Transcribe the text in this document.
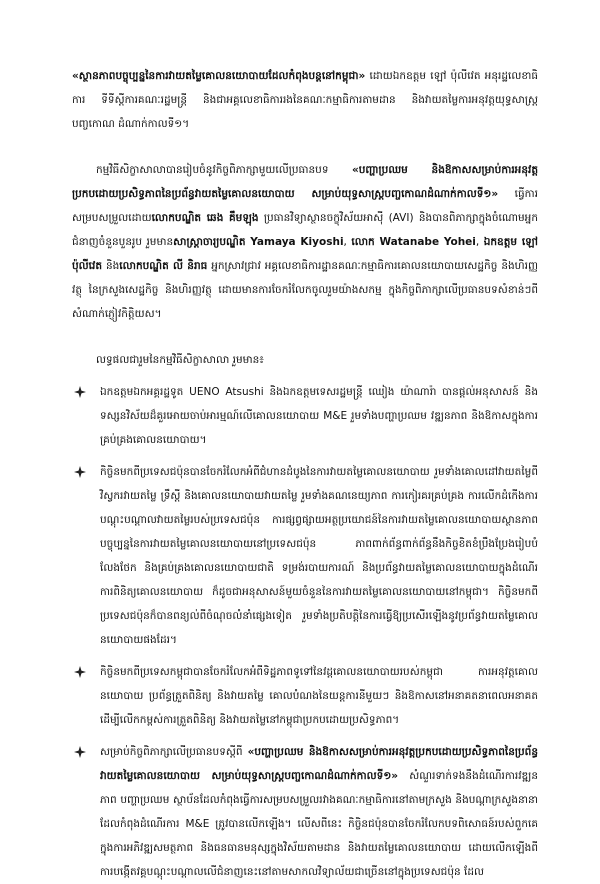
«ស្ថានភាពបច្ចុប្បន្ននៃការវាយតម្លៃគោលនយោបាយដែលកំពុងបន្តនៅកម្ពុជា» ដោយឯកឧត្តម ឡៅ ប៉ុលីវេត អនុរដ្ឋលេខាធិការ ទីទីស្តីការគណៈរដ្ឋមន្ត្រី និងជាអគ្គលេខាធិការរងនៃគណៈកម្មាធិការតាមដាន និងវាយតម្លៃការអនុវត្តយុទ្ធសាស្ត្របញ្ចកោណ ដំណាក់កាលទី១។

កម្មវិធីសិក្ខាសាលាបានរៀបចំនូវកិច្ចពិភាក្សាមួយលើប្រធានបទ «បញ្ហាប្រឈម និងឱកាសសម្រាប់ការអនុវត្តប្រកបដោយប្រសិទ្ធភាពនៃប្រព័ន្ធវាយតម្លៃគោលនយោបាយ សម្រាប់យុទ្ធសាស្ត្របញ្ចកោណដំណាក់កាលទី១» ធ្វើការសម្របសម្រួលដោយលោកបណ្ឌិត ឆេង គឹមឡុង ប្រធានវិទ្យាស្ថានចក្ខុវិស័យអាស៊ី (AVI) និងបានពិភាក្សាក្នុងចំណោមអ្នកជំនាញចំនួនបួនរូប រួមមានសាស្ត្រាចារ្យបណ្ឌិត Yamaya Kiyoshi, លោក Watanabe Yohei, ឯកឧត្តម ឡៅ ប៉ុលីវេត និងលោកបណ្ឌិត លី និរាធ អ្នកស្រាវជ្រាវ អគ្គលេខាធិការដ្ឋានគណៈកម្មាធិការគោលនយោបាយសេដ្ឋកិច្ច និងហិរញ្ញវត្ថុ នៃក្រសួងសេដ្ឋកិច្ច និងហិរញ្ញវត្ថុ ដោយមានការចែករំលែកចូលរួមយ៉ាងសកម្ម ក្នុងកិច្ចពិភាក្សាលើប្រធានបទសំខាន់ៗពីសំណាក់ភ្ញៀវកិត្តិយស។

លទ្ធផលជារួមនៃកម្មវិធីសិក្ខាសាលា រួមមាន៖

ឯកឧត្តមឯកអគ្គរដ្ឋទូត UENO Atsushi និងឯកឧត្តមទេសរដ្ឋមន្ត្រី ឈៀង យ៉ាណារ៉ា បានផ្តល់អនុសាសន៍ និងទស្សនវិស័យដ៏គួរអោយចាប់អារម្មណ៍លើគោលនយោបាយ M&E រួមទាំងបញ្ហាប្រឈម វឌ្ឍនភាព និងឱកាសក្នុងការគ្រប់គ្រងគោលនយោបាយ។
កិច្ចិនមកពីប្រទេសជប៉ុនបានចែករំលែកអំពីជំហានដំបូងនៃការវាយតម្លៃគោលនយោបាយ រួមទាំងគោលដៅវាយតម្លៃពីវិស្វករវាយតម្លៃ ទ្រឹស្តី និងគោលនយោបាយវាយតម្លៃ រួមទាំងគណនេយ្យភាព ការកៀរគរគ្រប់គ្រង ការលើកដំកើងការបណ្តុះបណ្តាលវាយតម្លៃរបស់ប្រទេសជប៉ុន ការផ្សព្វផ្សាយអត្ថប្រយោជន៍នៃការវាយតម្លៃគោលនយោបាយស្ថានភាពបច្ចុប្បន្ននៃការវាយតម្លៃគោលនយោបាយនៅប្រទេសជប៉ុន ភាពពាក់ព័ន្ធពាក់ព័ន្ធនឹងកិច្ចខិតខំប្រឹងប្រែងរៀបបំលែងថែក និងគ្រប់គ្រងគោលនយោបាយជាតិ ទម្រង់របាយការណ៍ និងប្រព័ន្ធវាយតម្លៃគោលនយោបាយក្នុងដំណើរការពិនិត្យគោលនយោបាយ ក៏ដូចជាអនុសាសន៍មួយចំនួននៃការវាយតម្លៃគោលនយោបាយនៅកម្ពុជា។ កិច្ចិនមកពីប្រទេសជប៉ុនក៏បានពន្យល់ពីចំណុចលំនាំផ្សេងទៀត រួមទាំងប្រតិបត្តិនៃការធ្វើឱ្យប្រសើរឡើងនូវប្រព័ន្ធវាយតម្លៃគោលនយោបាយផងដែរ។
កិច្ចិនមកពីប្រទេសកម្ពុជាបានចែករំលែកអំពីទិដ្ឋភាពទូទៅនៃវដ្តគោលនយោបាយរបស់កម្ពុជា ការអនុវត្តគោលនយោបាយ ប្រព័ន្ធត្រួតពិនិត្យ និងវាយតម្លៃ គោលបំណងនៃយន្តការនីមួយៗ និងឱកាសនៅអនាគតនាពេលអនាគតដើម្បីលើកកម្ពស់ការត្រួតពិនិត្យ និងវាយតម្លៃនៅកម្ពុជាប្រកបដោយប្រសិទ្ធភាព។
សម្រាប់កិច្ចពិភាក្សាលើប្រធានបទស្តីពី «បញ្ហាប្រឈម និងឱកាសសម្រាប់ការអនុវត្តប្រកបដោយប្រសិទ្ធភាពនៃប្រព័ន្ធវាយតម្លៃគោលនយោបាយ សម្រាប់យុទ្ធសាស្ត្របញ្ចកោណដំណាក់កាលទី១» សំណួរទាក់ទងនឹងដំណើរការវឌ្ឍនភាព បញ្ហាប្រឈម ស្ថាប័នដែលកំពុងធ្វើការសម្របសម្រួលរវាងគណៈកម្មាធិការនៅតាមក្រសួង និងបណ្តាក្រសួងនានាដែលកំពុងដំណើរការ M&E ត្រូវបានលើកឡើង។ លើសពីនេះ កិច្ចិនជប៉ុនបានចែករំលែកបទពិសោធន៍របស់ពួកគេក្នុងការអភិវឌ្ឍសមត្ថភាព និងធនធានមនុស្សក្នុងវិស័យតាមដាន និងវាយតម្លៃគោលនយោបាយ ដោយលើកឡើងពីការបង្កើតវគ្គបណ្តុះបណ្តាលលើជំនាញនេះនៅតាមសាកលវិទ្យាល័យជាច្រើននៅក្នុងប្រទេសជប៉ុន ដែល
